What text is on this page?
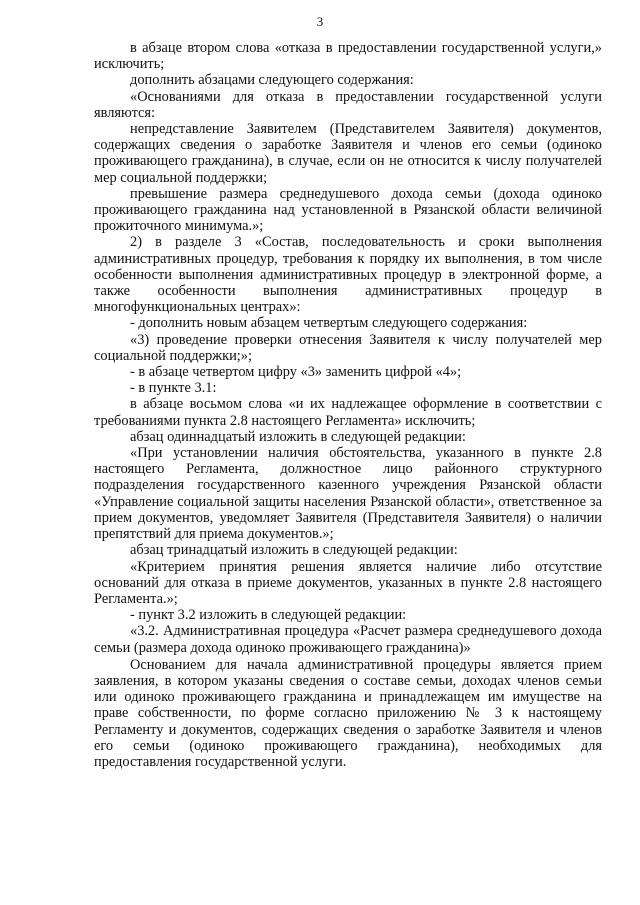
3

в абзаце втором слова «отказа в предоставлении государственной услуги,» исключить;

дополнить абзацами следующего содержания:

«Основаниями для отказа в предоставлении государственной услуги являются:

непредставление Заявителем (Представителем Заявителя) документов, содержащих сведения о заработке Заявителя и членов его семьи (одиноко проживающего гражданина), в случае, если он не относится к числу получателей мер социальной поддержки;

превышение размера среднедушевого дохода семьи (дохода одиноко проживающего гражданина над установленной в Рязанской области величиной прожиточного минимума.»;

2) в разделе 3 «Состав, последовательность и сроки выполнения административных процедур, требования к порядку их выполнения, в том числе особенности выполнения административных процедур в электронной форме, а также особенности выполнения административных процедур в многофункциональных центрах»:

- дополнить новым абзацем четвертым следующего содержания:

«3) проведение проверки отнесения Заявителя к числу получателей мер социальной поддержки;»;

- в абзаце четвертом цифру «3» заменить цифрой «4»;

- в пункте 3.1:

в абзаце восьмом слова «и их надлежащее оформление в соответствии с требованиями пункта 2.8 настоящего Регламента» исключить;

абзац одиннадцатый изложить в следующей редакции:

«При установлении наличия обстоятельства, указанного в пункте 2.8 настоящего Регламента, должностное лицо районного структурного подразделения государственного казенного учреждения Рязанской области «Управление социальной защиты населения Рязанской области», ответственное за прием документов, уведомляет Заявителя (Представителя Заявителя) о наличии препятствий для приема документов.»;

абзац тринадцатый изложить в следующей редакции:

«Критерием принятия решения является наличие либо отсутствие оснований для отказа в приеме документов, указанных в пункте 2.8 настоящего Регламента.»;

- пункт 3.2 изложить в следующей редакции:

«3.2. Административная процедура «Расчет размера среднедушевого дохода семьи (размера дохода одиноко проживающего гражданина)»

Основанием для начала административной процедуры является прием заявления, в котором указаны сведения о составе семьи, доходах членов семьи или одиноко проживающего гражданина и принадлежащем им имуществе на праве собственности, по форме согласно приложению № 3 к настоящему Регламенту и документов, содержащих сведения о заработке Заявителя и членов его семьи (одиноко проживающего гражданина), необходимых для предоставления государственной услуги.
